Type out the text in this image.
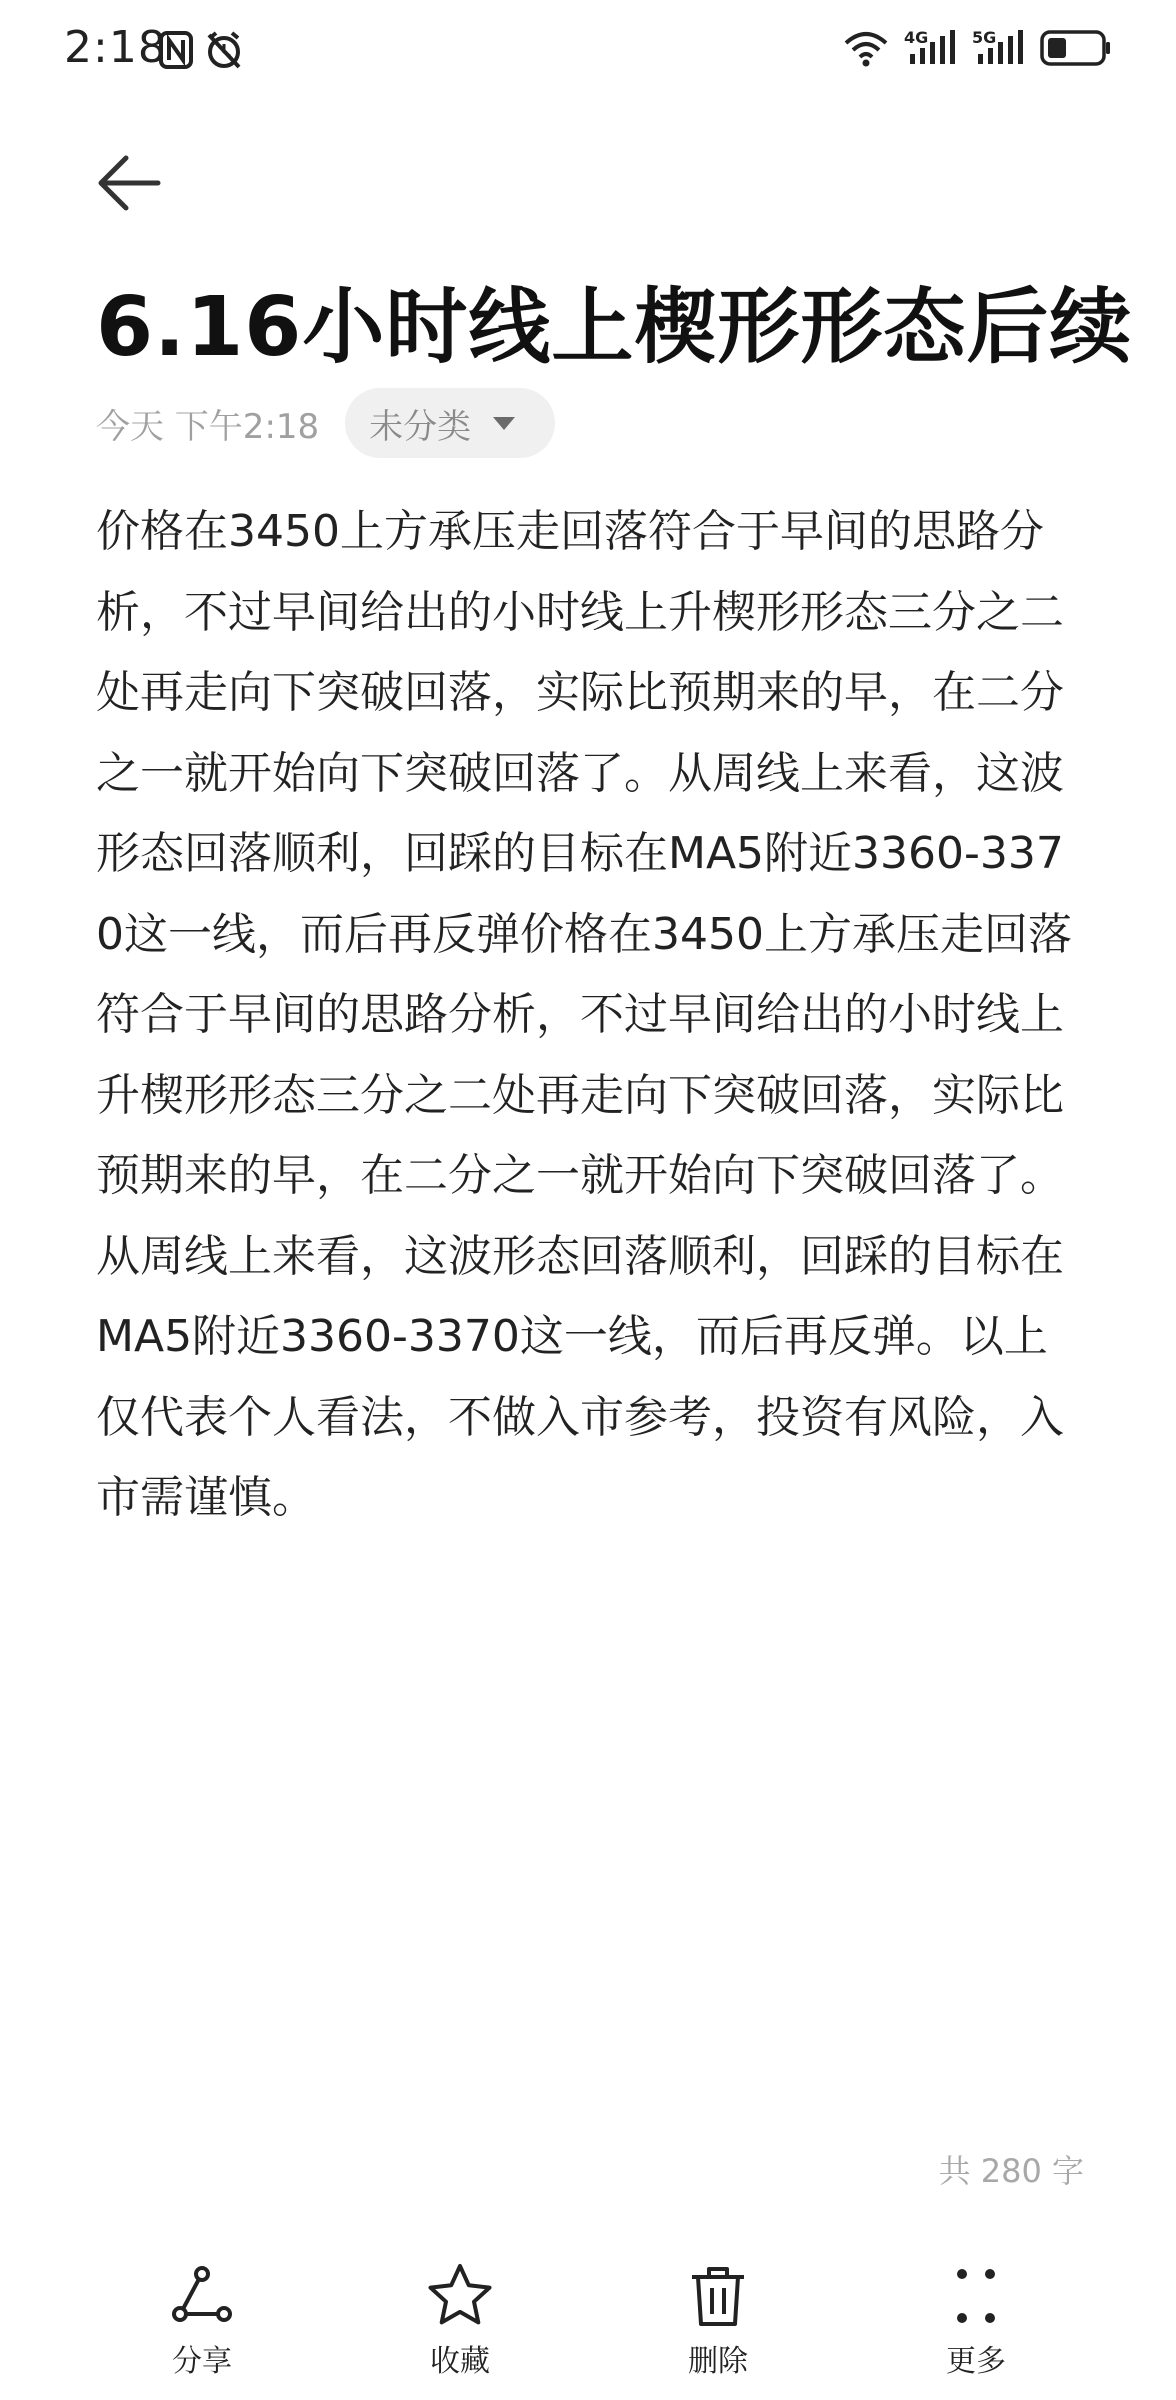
2:18	4G	5G
6.16小时线上楔形形态后续
今天 下午2:18 未分类
价格在3450上方承压走回落符合于早间的思路分析，不过早间给出的小时线上升楔形形态三分之二处再走向下突破回落，实际比预期来的早，在二分之一就开始向下突破回落了。从周线上来看，这波形态回落顺利，回踩的目标在MA5附近3360-3370这一线，而后再反弹价格在3450上方承压走回落符合于早间的思路分析，不过早间给出的小时线上升楔形形态三分之二处再走向下突破回落，实际比预期来的早，在二分之一就开始向下突破回落了。从周线上来看，这波形态回落顺利，回踩的目标在MA5附近3360-3370这一线，而后再反弹。以上仅代表个人看法，不做入市参考，投资有风险，入市需谨慎。
共 280 字
分享	收藏	删除	更多
